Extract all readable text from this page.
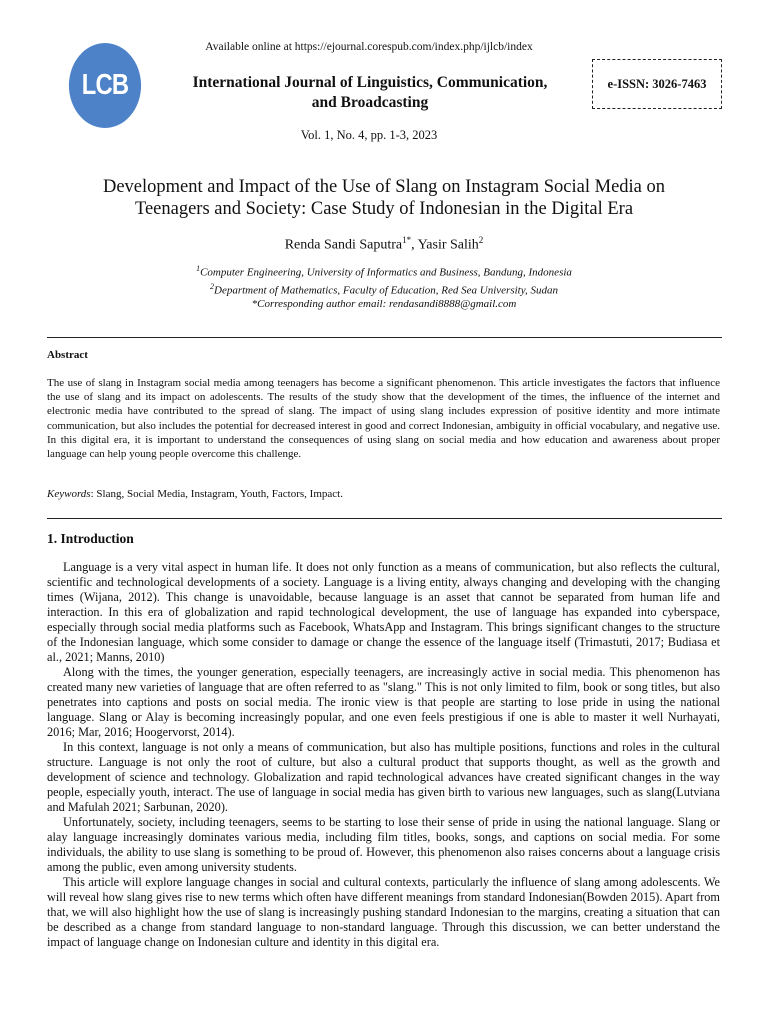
Available online at https://ejournal.corespub.com/index.php/ijlcb/index
LCB	International Journal of Linguistics, Communication,
and Broadcasting
e-ISSN: 3026-7463
Vol. 1, No. 4, pp. 1-3, 2023
Development and Impact of the Use of Slang on Instagram Social Media on
Teenagers and Society: Case Study of Indonesian in the Digital Era
Renda Sandi Saputra$^{1*}$, Yasir Salih$^2$
$^1$Computer Engineering, University of Informatics and Business, Bandung, Indonesia
$^2$Department of Mathematics, Faculty of Education, Red Sea University, Sudan
*Corresponding author email: rendasandi8888@gmail.com
Abstract
The use of slang in Instagram social media among teenagers has become a significant phenomenon. This article investigates the factors that influence the use of slang and its impact on adolescents. The results of the study show that the development of the times, the influence of the internet and electronic media have contributed to the spread of slang. The impact of using slang includes expression of positive identity and more intimate communication, but also includes the potential for decreased interest in good and correct Indonesian, ambiguity in official vocabulary, and negative use. In this digital era, it is important to understand the consequences of using slang on social media and how education and awareness about proper language can help young people overcome this challenge.
Keywords: Slang, Social Media, Instagram, Youth, Factors, Impact.
1. Introduction

Language is a very vital aspect in human life. It does not only function as a means of communication, but also reflects the cultural, scientific and technological developments of a society. Language is a living entity, always changing and developing with the changing times (Wijana, 2012). This change is unavoidable, because language is an asset that cannot be separated from human life and interaction. In this era of globalization and rapid technological development, the use of language has expanded into cyberspace, especially through social media platforms such as Facebook, WhatsApp and Instagram. This brings significant changes to the structure of the Indonesian language, which some consider to damage or change the essence of the language itself (Trimastuti, 2017; Budiasa et al., 2021; Manns, 2010)

Along with the times, the younger generation, especially teenagers, are increasingly active in social media. This phenomenon has created many new varieties of language that are often referred to as "slang." This is not only limited to film, book or song titles, but also penetrates into captions and posts on social media. The ironic view is that people are starting to lose pride in using the national language. Slang or Alay is becoming increasingly popular, and one even feels prestigious if one is able to master it well Nurhayati, 2016; Mar, 2016; Hoogervorst, 2014).

In this context, language is not only a means of communication, but also has multiple positions, functions and roles in the cultural structure. Language is not only the root of culture, but also a cultural product that supports thought, as well as the growth and development of science and technology. Globalization and rapid technological advances have created significant changes in the way people, especially youth, interact. The use of language in social media has given birth to various new languages, such as slang(Lutviana and Mafulah 2021; Sarbunan, 2020).

Unfortunately, society, including teenagers, seems to be starting to lose their sense of pride in using the national language. Slang or alay language increasingly dominates various media, including film titles, books, songs, and captions on social media. For some individuals, the ability to use slang is something to be proud of. However, this phenomenon also raises concerns about a language crisis among the public, even among university students.

This article will explore language changes in social and cultural contexts, particularly the influence of slang among adolescents. We will reveal how slang gives rise to new terms which often have different meanings from standard Indonesian(Bowden 2015). Apart from that, we will also highlight how the use of slang is increasingly pushing standard Indonesian to the margins, creating a situation that can be described as a change from standard language to non-standard language. Through this discussion, we can better understand the impact of language change on Indonesian culture and identity in this digital era.
